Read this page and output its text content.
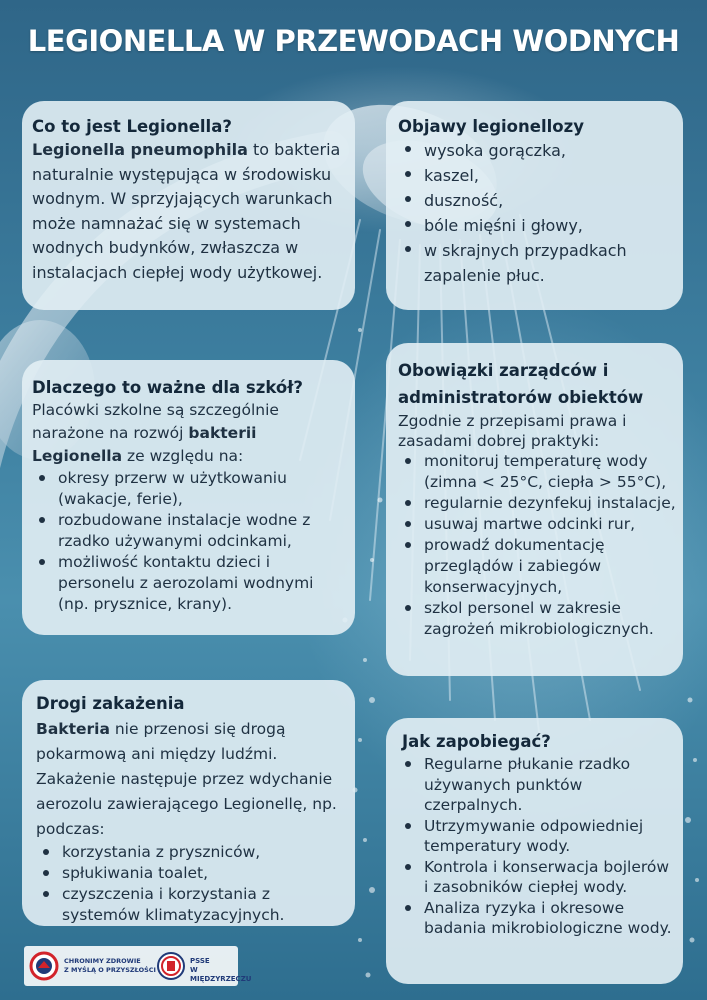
LEGIONELLA W PRZEWODACH WODNYCH
Co to jest Legionella?

Legionella pneumophila to bakteria naturalnie występująca w środowisku wodnym. W sprzyjających warunkach może namnażać się w systemach wodnych budynków, zwłaszcza w instalacjach ciepłej wody użytkowej.

Objawy legionellozy
wysoka gorączka,
kaszel,
duszność,
bóle mięśni i głowy,
w skrajnych przypadkach zapalenie płuc.
Dlaczego to ważne dla szkół?

Placówki szkolne są szczególnie narażone na rozwój bakterii Legionella ze względu na:

okresy przerw w użytkowaniu (wakacje, ferie),
rozbudowane instalacje wodne z rzadko używanymi odcinkami,
możliwość kontaktu dzieci i personelu z aerozolami wodnymi (np. prysznice, krany).
Obowiązki zarządców i administratorów obiektów

Zgodnie z przepisami prawa i zasadami dobrej praktyki:

monitoruj temperaturę wody (zimna < 25°C, ciepła > 55°C),
regularnie dezynfekuj instalacje,
usuwaj martwe odcinki rur,
prowadź dokumentację przeglądów i zabiegów konserwacyjnych,
szkol personel w zakresie zagrożeń mikrobiologicznych.
Drogi zakażenia

Bakteria nie przenosi się drogą pokarmową ani między ludźmi. Zakażenie następuje przez wdychanie aerozolu zawierającego Legionellę, np. podczas:

korzystania z pryszniców,
spłukiwania toalet,
czyszczenia i korzystania z systemów klimatyzacyjnych.
Jak zapobiegać?
Regularne płukanie rzadko używanych punktów czerpalnych.
Utrzymywanie odpowiedniej temperatury wody.
Kontrola i konserwacja bojlerów i zasobników ciepłej wody.
Analiza ryzyka i okresowe badania mikrobiologiczne wody.
CHRONIMY ZDROWIE
Z MYŚLĄ O PRZYSZŁOŚCI
PSSE
W MIĘDZYRZECZU
